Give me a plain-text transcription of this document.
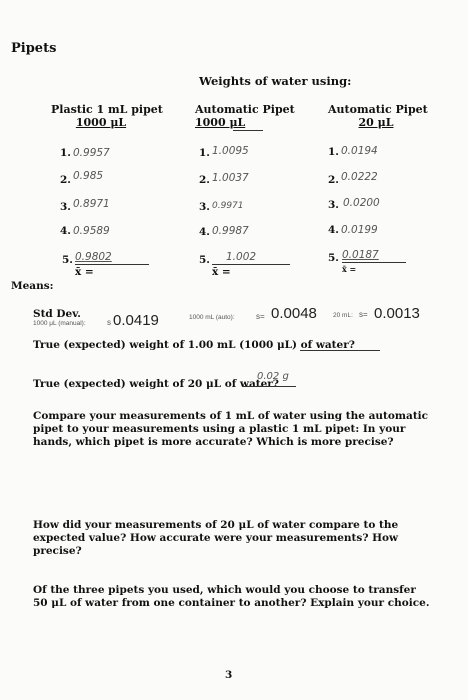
Pipets
Weights of water using:
Plastic 1 mL pipet
1000 μL
Automatic Pipet
1000 μL
Automatic Pipet
20 μL
1. 0.9957	1. 1.0095	1. 0.0194
2. 0.985	2. 1.0037	2. 0.0222
3. 0.8971	3. 0.9971	3. 0.0200
4. 0.9589	4. 0.9987	4. 0.0199
5. 0.9802	5. 1.002	5. 0.0187
x̄ =	x̄ =	x̄ =
Means:
Std Dev.
1000 μL (manual):	s 0.0419	1000 mL (auto):	s= 0.0048 20 mL: s= 0.0013
True (expected) weight of 1.00 mL (1000 μL) of water?
True (expected) weight of 20 μL of water?
0.02 g
Compare your measurements of 1 mL of water using the automatic pipet to your measurements using a plastic 1 mL pipet: In your hands, which pipet is more accurate? Which is more precise?
How did your measurements of 20 μL of water compare to the expected value? How accurate were your measurements? How precise?
Of the three pipets you used, which would you choose to transfer 50 μL of water from one container to another? Explain your choice.
3
